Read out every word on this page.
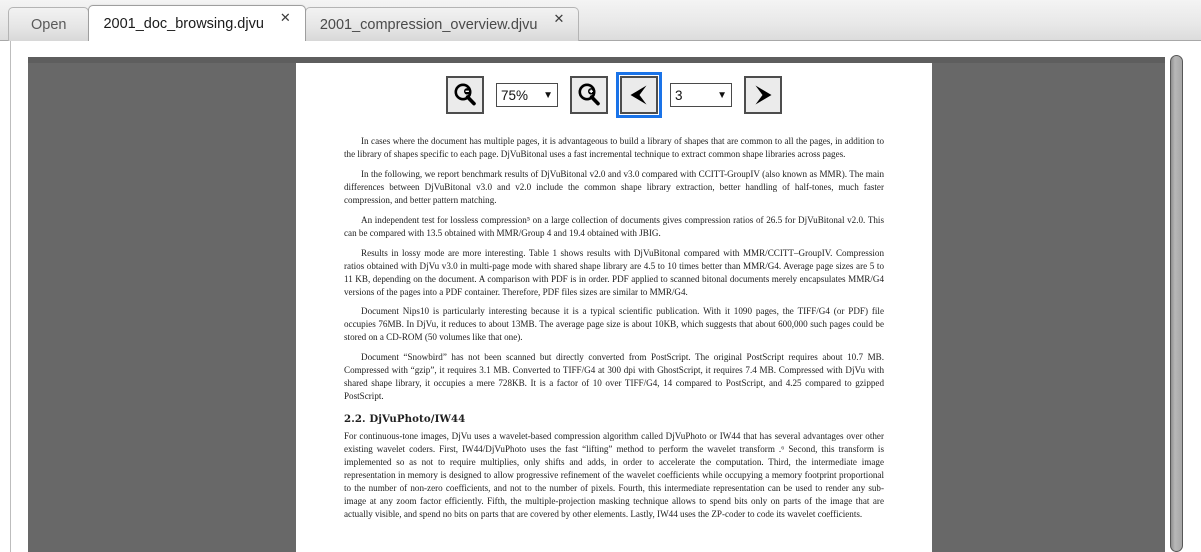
Open	2001_doc_browsing.djvu ✕ 2001_compression_overview.djvu ✕
75% ▼	3	▼

In cases where the document has multiple pages, it is advantageous to build a library of shapes that are common to all the pages, in addition to the library of shapes specific to each page. DjVuBitonal uses a fast incremental technique to extract common shape libraries across pages.

In the following, we report benchmark results of DjVuBitonal v2.0 and v3.0 compared with CCITT-GroupIV (also known as MMR). The main differences between DjVuBitonal v3.0 and v2.0 include the common shape library extraction, better handling of half-tones, much faster compression, and better pattern matching.

An independent test for lossless compression⁵ on a large collection of documents gives compression ratios of 26.5 for DjVuBitonal v2.0. This can be compared with 13.5 obtained with MMR/Group 4 and 19.4 obtained with JBIG.

Results in lossy mode are more interesting. Table 1 shows results with DjVuBitonal compared with MMR/CCITT–GroupIV. Compression ratios obtained with DjVu v3.0 in multi-page mode with shared shape library are 4.5 to 10 times better than MMR/G4. Average page sizes are 5 to 11 KB, depending on the document. A comparison with PDF is in order. PDF applied to scanned bitonal documents merely encapsulates MMR/G4 versions of the pages into a PDF container. Therefore, PDF files sizes are similar to MMR/G4.

Document Nips10 is particularly interesting because it is a typical scientific publication. With it 1090 pages, the TIFF/G4 (or PDF) file occupies 76MB. In DjVu, it reduces to about 13MB. The average page size is about 10KB, which suggests that about 600,000 such pages could be stored on a CD-ROM (50 volumes like that one).

Document “Snowbird” has not been scanned but directly converted from PostScript. The original PostScript requires about 10.7 MB. Compressed with “gzip”, it requires 3.1 MB. Converted to TIFF/G4 at 300 dpi with GhostScript, it requires 7.4 MB. Compressed with DjVu with shared shape library, it occupies a mere 728KB. It is a factor of 10 over TIFF/G4, 14 compared to PostScript, and 4.25 compared to gzipped PostScript.

2.2. DjVuPhoto/IW44

For continuous-tone images, DjVu uses a wavelet-based compression algorithm called DjVuPhoto or IW44 that has several advantages over other existing wavelet coders. First, IW44/DjVuPhoto uses the fast “lifting” method to perform the wavelet transform .⁶ Second, this transform is implemented so as not to require multiplies, only shifts and adds, in order to accelerate the computation. Third, the intermediate image representation in memory is designed to allow progressive refinement of the wavelet coefficients while occupying a memory footprint proportional to the number of non-zero coefficients, and not to the number of pixels. Fourth, this intermediate representation can be used to render any sub-image at any zoom factor efficiently. Fifth, the multiple-projection masking technique allows to spend bits only on parts of the image that are actually visible, and spend no bits on parts that are covered by other elements. Lastly, IW44 uses the ZP-coder to code its wavelet coefficients.
